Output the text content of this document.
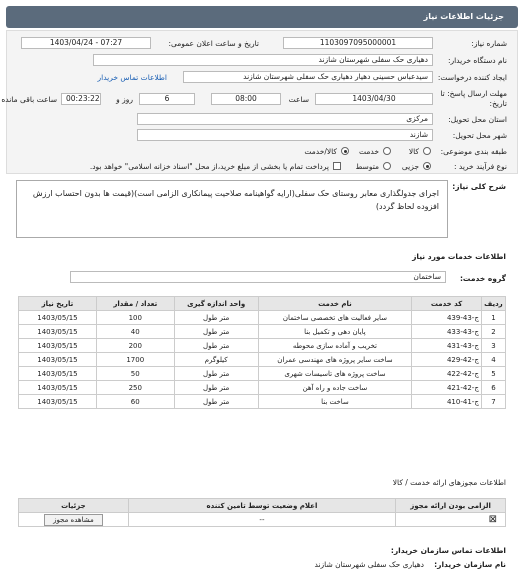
جزئیات اطلاعات نیاز
شماره نیاز:
1103097095000001
تاریخ و ساعت اعلان عمومی:
1403/04/24 - 07:27
نام دستگاه خریدار:
دهیاری حک سفلی شهرستان شازند
ایجاد کننده درخواست:
سیدعباس حسینی دهیار دهیاری حک سفلی شهرستان شازند
اطلاعات تماس خریدار
مهلت ارسال پاسخ: تا
تاریخ:
1403/04/30
ساعت
08:00
6
روز و
00:23:22
ساعت باقی مانده
استان محل تحویل:
مرکزی
شهر محل تحویل:
شازند
طبقه بندی موضوعی:
کالا
خدمت
کالا/خدمت
نوع فرآیند خرید :
جزیی
متوسط
پرداخت تمام یا بخشی از مبلغ خرید،از محل "اسناد خزانه اسلامی" خواهد بود.
شرح کلی نیاز:
اجرای جدولگذاری معابر روستای حک سفلی(ارایه گواهینامه صلاحیت پیمانکاری الزامی است)(قیمت ها بدون احتساب ارزش افزوده لحاظ گردد)
اطلاعات خدمات مورد نیاز
گروه خدمت:
ساختمان
ردیف	کد خدمت	نام خدمت	واحد اندازه گیری	تعداد / مقدار	تاریخ نیاز
1	ج-43-439	سایر فعالیت های تخصصی ساختمان	متر طول	100	1403/05/15
2	ج-43-433	پایان دهی و تکمیل بنا	متر طول	40	1403/05/15
3	ج-43-431	تخریب و آماده سازی محوطه	متر طول	200	1403/05/15
4	ج-42-429	ساخت سایر پروژه های مهندسی عمران	کیلوگرم	1700	1403/05/15
5	ج-42-422	ساخت پروژه های تاسیسات شهری	متر طول	50	1403/05/15
6	ج-42-421	ساخت جاده و راه آهن	متر طول	250	1403/05/15
7	ج-41-410	ساخت بنا	متر طول	60	1403/05/15
اطلاعات مجوزهای ارائه خدمت / کالا
الزامی بودن ارائه مجوز	اعلام وضعیت توسط تامین کننده	جزئیات
⊠	--	مشاهده مجوز
اطلاعات تماس سازمان خریدار:
نام سازمان خریدار:
دهیاری حک سفلی شهرستان شازند
